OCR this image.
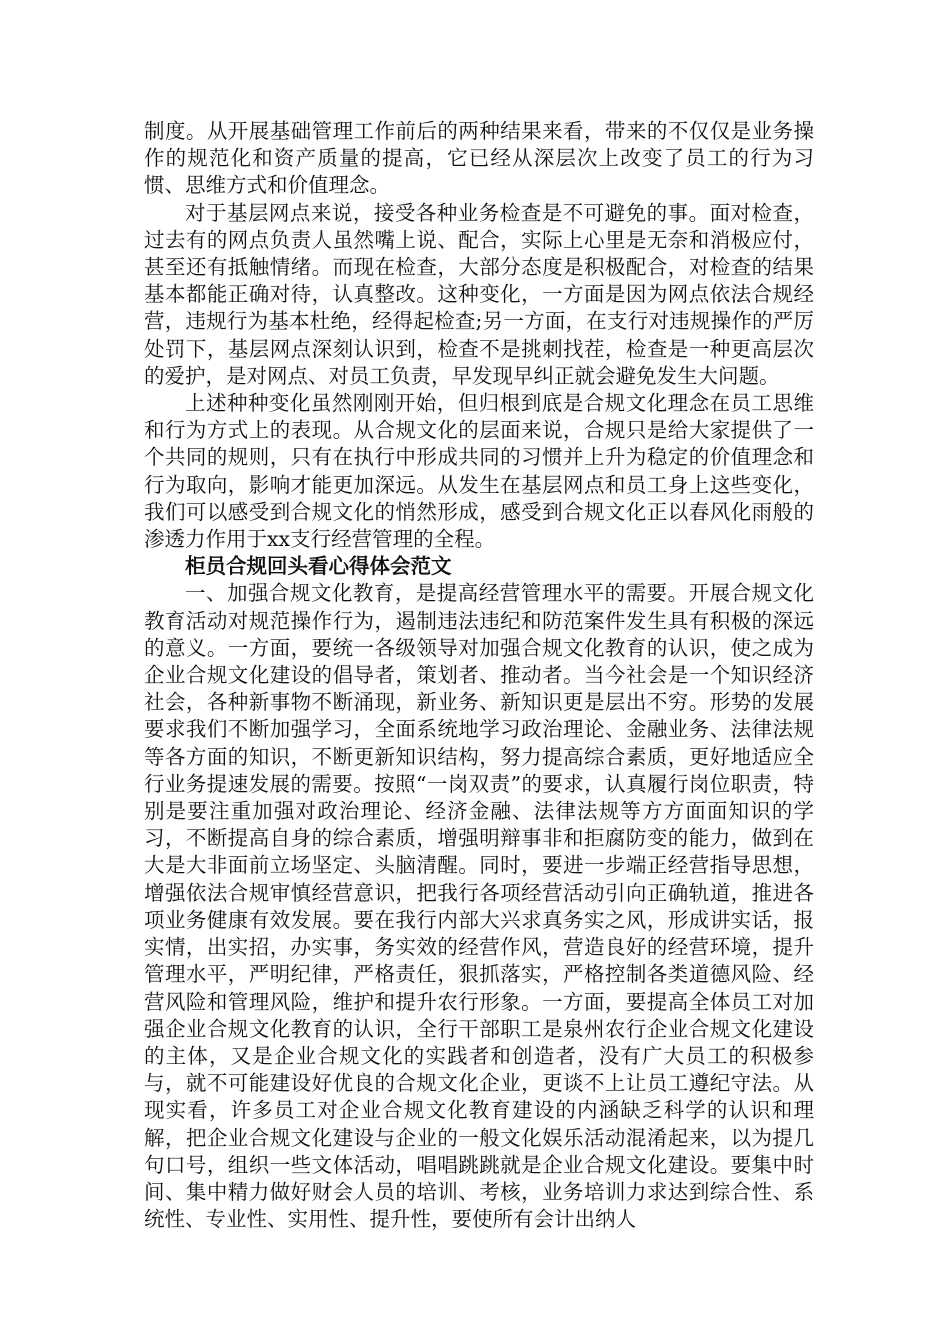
制度。从开展基础管理工作前后的两种结果来看，带来的不仅仅是业务操作的规范化和资产质量的提高，它已经从深层次上改变了员工的行为习惯、思维方式和价值理念。

对于基层网点来说，接受各种业务检查是不可避免的事。面对检查，过去有的网点负责人虽然嘴上说、配合，实际上心里是无奈和消极应付，甚至还有抵触情绪。而现在检查，大部分态度是积极配合，对检查的结果基本都能正确对待，认真整改。这种变化，一方面是因为网点依法合规经营，违规行为基本杜绝，经得起检查;另一方面，在支行对违规操作的严厉处罚下，基层网点深刻认识到，检查不是挑刺找茬，检查是一种更高层次的爱护，是对网点、对员工负责，早发现早纠正就会避免发生大问题。

上述种种变化虽然刚刚开始，但归根到底是合规文化理念在员工思维和行为方式上的表现。从合规文化的层面来说，合规只是给大家提供了一个共同的规则，只有在执行中形成共同的习惯并上升为稳定的价值理念和行为取向，影响才能更加深远。从发生在基层网点和员工身上这些变化，我们可以感受到合规文化的悄然形成，感受到合规文化正以春风化雨般的渗透力作用于xx支行经营管理的全程。

柜员合规回头看心得体会范文

一、加强合规文化教育，是提高经营管理水平的需要。开展合规文化教育活动对规范操作行为，遏制违法违纪和防范案件发生具有积极的深远的意义。一方面，要统一各级领导对加强合规文化教育的认识，使之成为企业合规文化建设的倡导者，策划者、推动者。当今社会是一个知识经济社会，各种新事物不断涌现，新业务、新知识更是层出不穷。形势的发展要求我们不断加强学习，全面系统地学习政治理论、金融业务、法律法规等各方面的知识，不断更新知识结构，努力提高综合素质，更好地适应全行业务提速发展的需要。按照“一岗双责”的要求，认真履行岗位职责，特别是要注重加强对政治理论、经济金融、法律法规等方方面面知识的学习，不断提高自身的综合素质，增强明辩事非和拒腐防变的能力，做到在大是大非面前立场坚定、头脑清醒。同时，要进一步端正经营指导思想，增强依法合规审慎经营意识，把我行各项经营活动引向正确轨道，推进各项业务健康有效发展。要在我行内部大兴求真务实之风，形成讲实话，报实情，出实招，办实事，务实效的经营作风，营造良好的经营环境，提升管理水平，严明纪律，严格责任，狠抓落实，严格控制各类道德风险、经营风险和管理风险，维护和提升农行形象。一方面，要提高全体员工对加强企业合规文化教育的认识，全行干部职工是泉州农行企业合规文化建设的主体，又是企业合规文化的实践者和创造者，没有广大员工的积极参与，就不可能建设好优良的合规文化企业，更谈不上让员工遵纪守法。从现实看，许多员工对企业合规文化教育建设的内涵缺乏科学的认识和理解，把企业合规文化建设与企业的一般文化娱乐活动混淆起来，以为提几句口号，组织一些文体活动，唱唱跳跳就是企业合规文化建设。要集中时间、集中精力做好财会人员的培训、考核，业务培训力求达到综合性、系统性、专业性、实用性、提升性，要使所有会计出纳人
